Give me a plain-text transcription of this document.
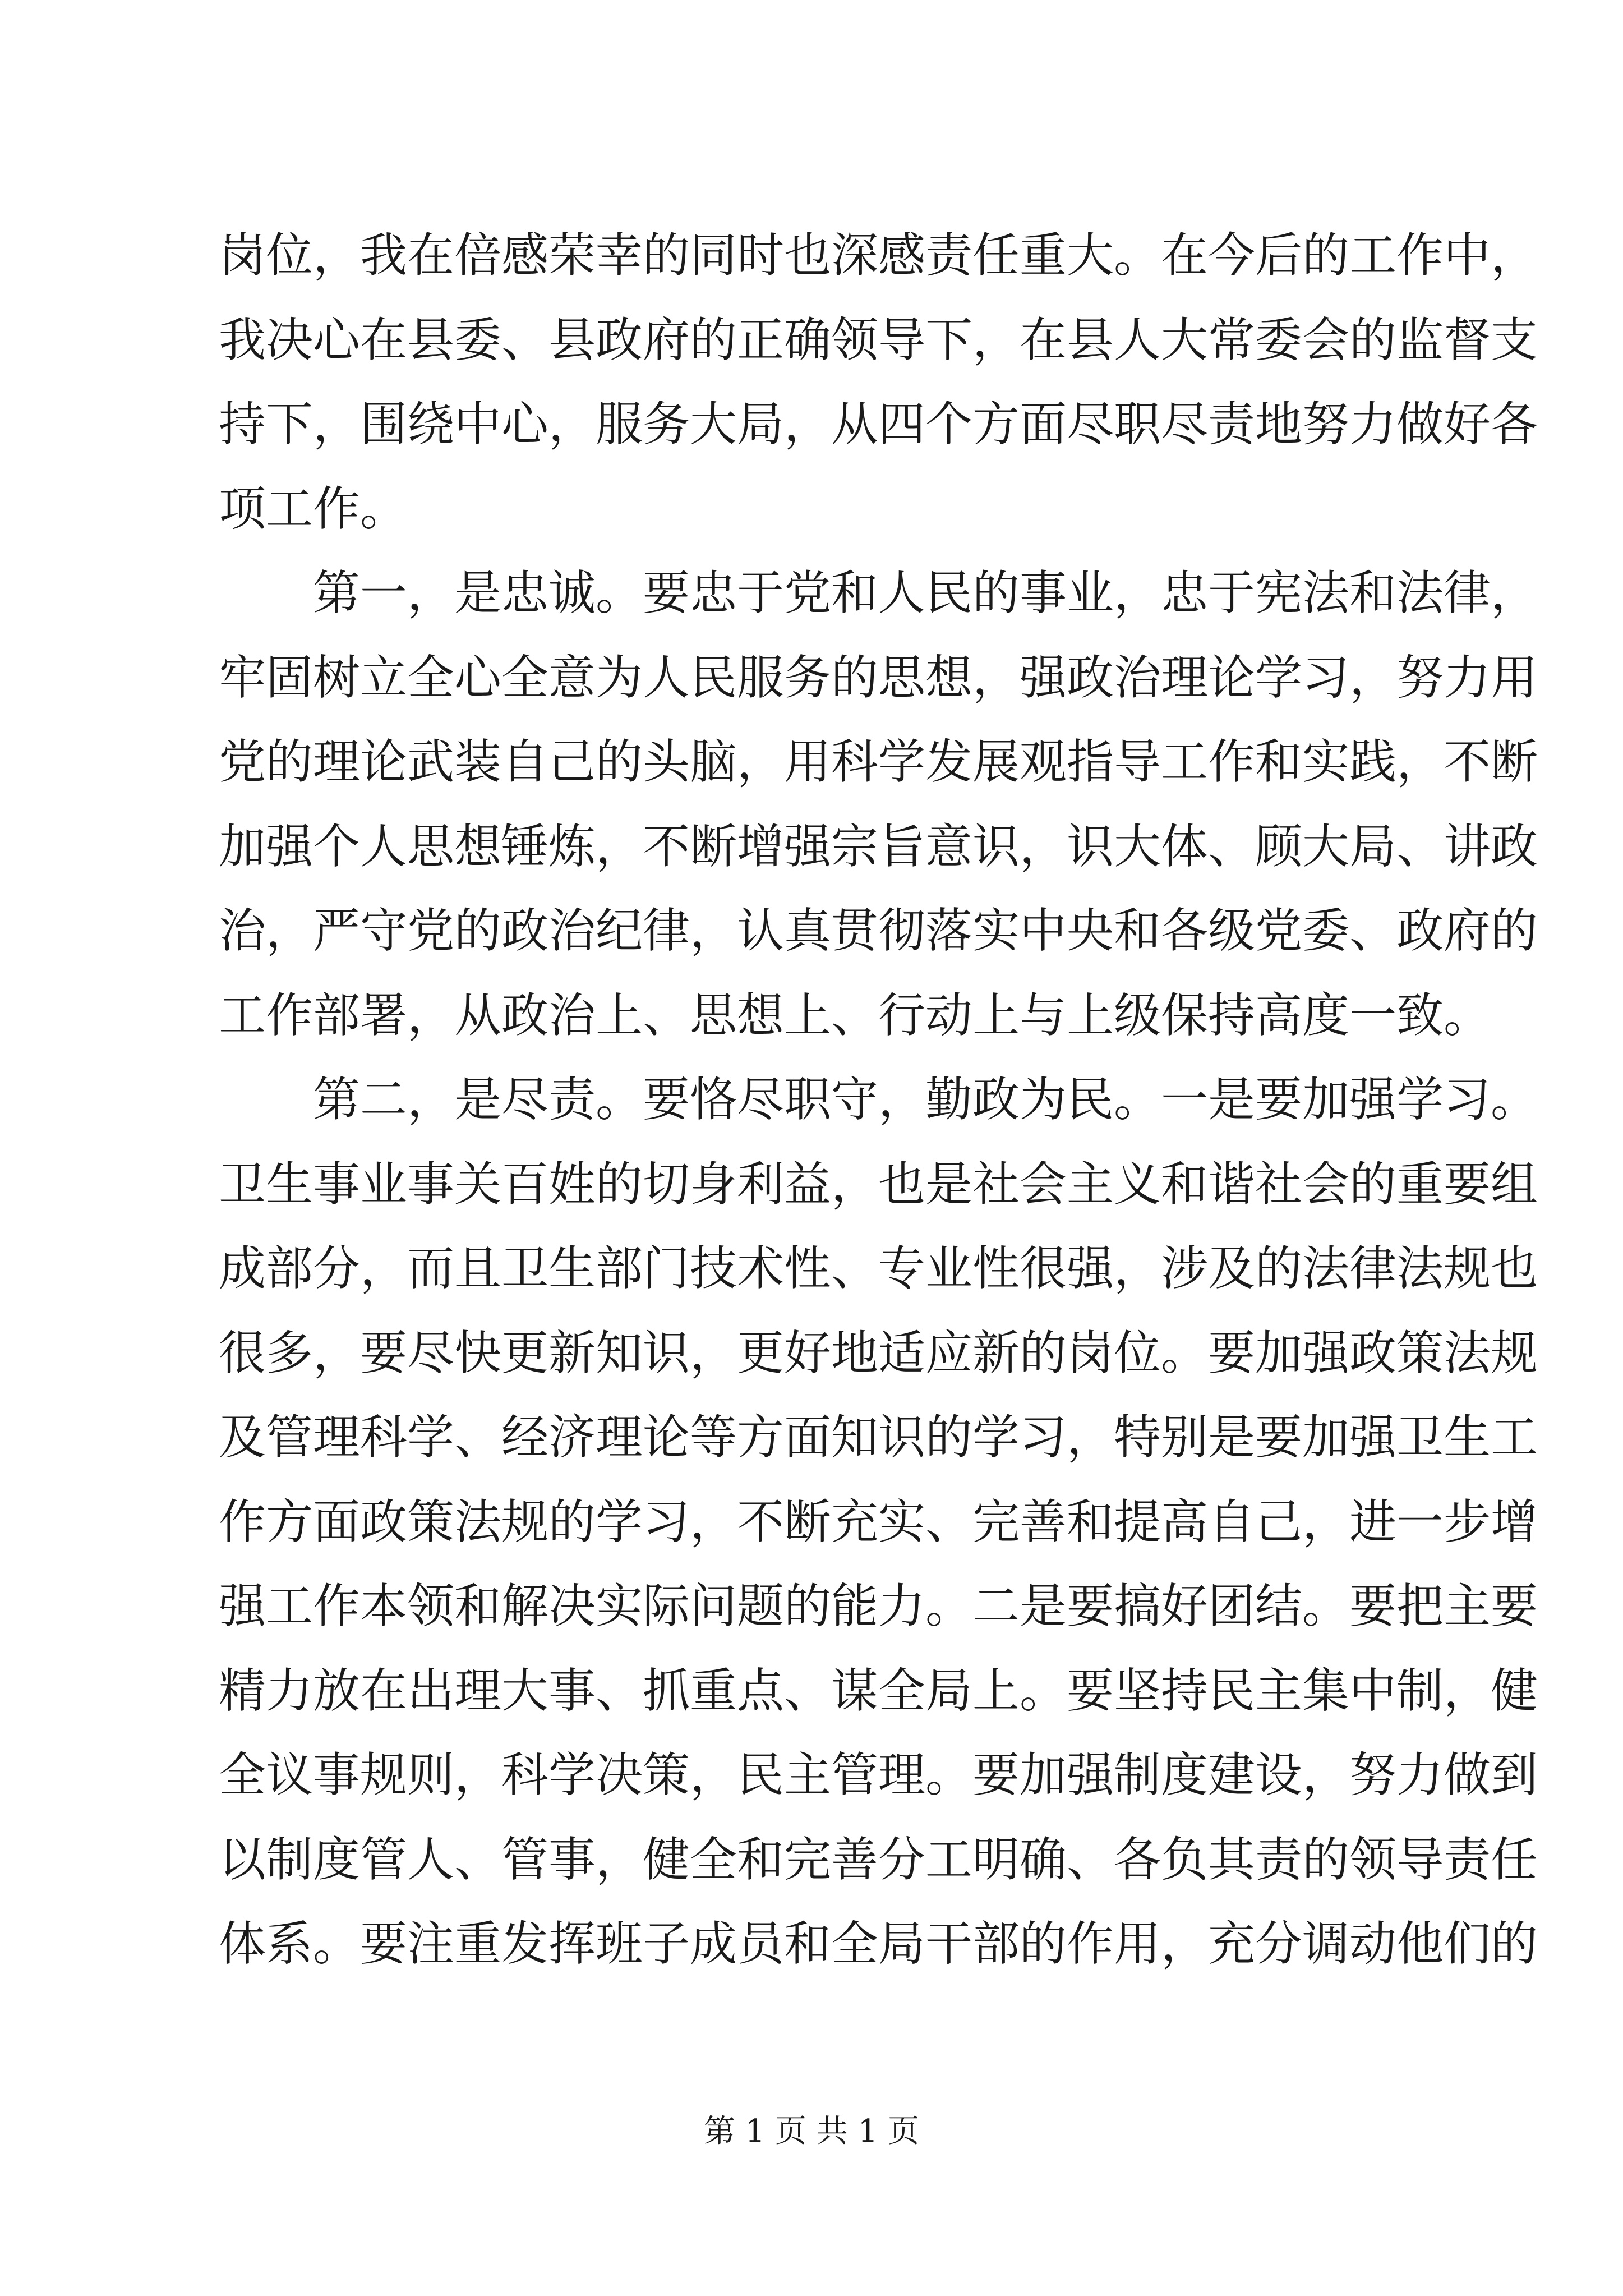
岗位，我在倍感荣幸的同时也深感责任重大。在今后的工作中，
我决心在县委、县政府的正确领导下，在县人大常委会的监督支
持下，围绕中心，服务大局，从四个方面尽职尽责地努力做好各
项工作。
第一，是忠诚。要忠于党和人民的事业，忠于宪法和法律，
牢固树立全心全意为人民服务的思想，强政治理论学习，努力用
党的理论武装自己的头脑，用科学发展观指导工作和实践，不断
加强个人思想锤炼，不断增强宗旨意识，识大体、顾大局、讲政
治，严守党的政治纪律，认真贯彻落实中央和各级党委、政府的
工作部署，从政治上、思想上、行动上与上级保持高度一致。
第二，是尽责。要恪尽职守，勤政为民。一是要加强学习。
卫生事业事关百姓的切身利益，也是社会主义和谐社会的重要组
成部分，而且卫生部门技术性、专业性很强，涉及的法律法规也
很多，要尽快更新知识，更好地适应新的岗位。要加强政策法规
及管理科学、经济理论等方面知识的学习，特别是要加强卫生工
作方面政策法规的学习，不断充实、完善和提高自己，进一步增
强工作本领和解决实际问题的能力。二是要搞好团结。要把主要
精力放在出理大事、抓重点、谋全局上。要坚持民主集中制，健
全议事规则，科学决策，民主管理。要加强制度建设，努力做到
以制度管人、管事，健全和完善分工明确、各负其责的领导责任
体系。要注重发挥班子成员和全局干部的作用，充分调动他们的
第 1 页 共 1 页
